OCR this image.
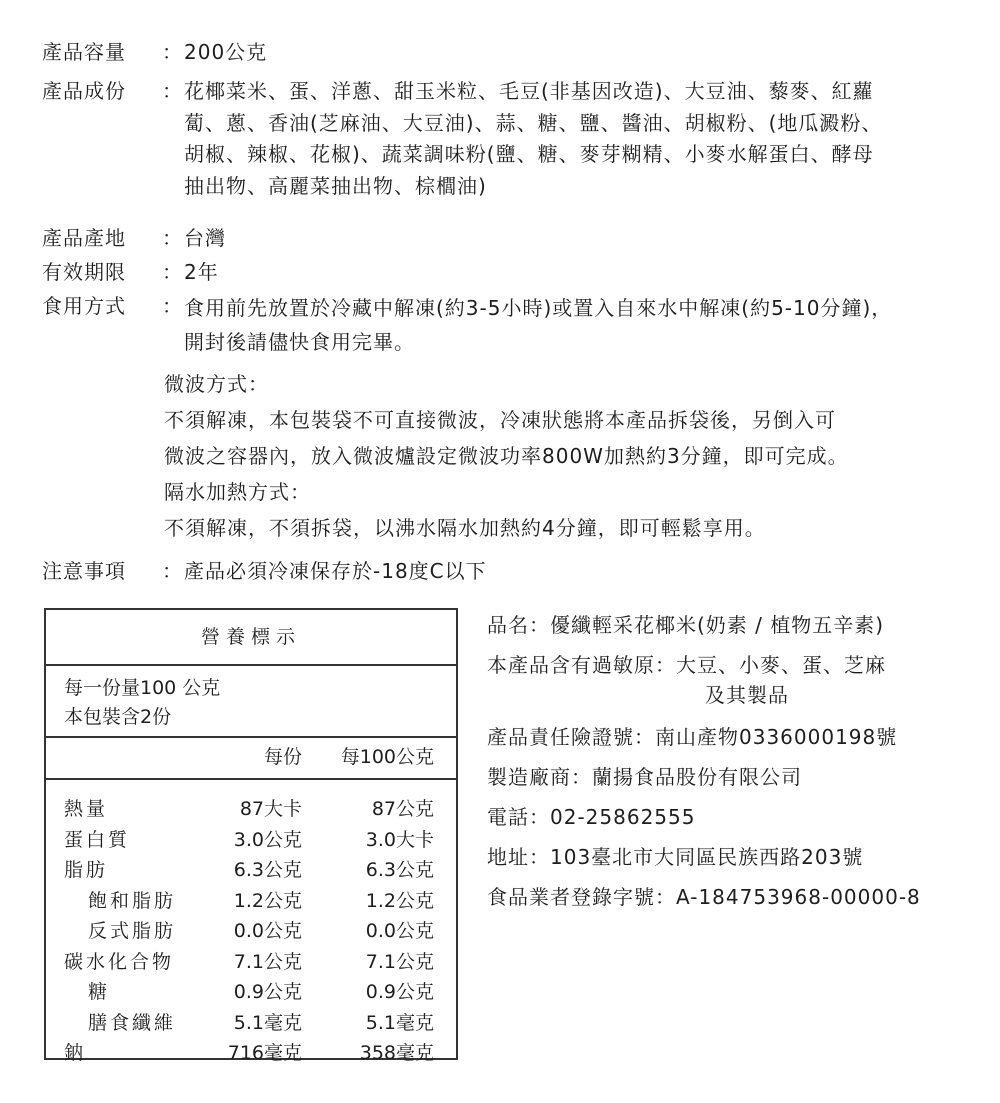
產品容量	： 200公克
產品成份	： 花椰菜米、蛋、洋蔥、甜玉米粒、毛豆(非基因改造)、大豆油、藜麥、紅蘿

蔔、蔥、香油(芝麻油、大豆油)、蒜、糖、鹽、醬油、胡椒粉、(地瓜澱粉、

胡椒、辣椒、花椒)、蔬菜調味粉(鹽、糖、麥芽糊精、小麥水解蛋白、酵母

抽出物、高麗菜抽出物、棕櫚油)

產品產地	： 台灣
有效期限	： 2年
食用方式	： 食用前先放置於冷藏中解凍(約3-5小時)或置入自來水中解凍(約5-10分鐘)，

開封後請儘快食用完畢。

微波方式：

不須解凍，本包裝袋不可直接微波，冷凍狀態將本產品拆袋後，另倒入可

微波之容器內，放入微波爐設定微波功率800W加熱約3分鐘，即可完成。

隔水加熱方式：

不須解凍，不須拆袋，以沸水隔水加熱約4分鐘，即可輕鬆享用。

注意事項	： 產品必須冷凍保存於-18度C以下
營養標示

每一份量100 公克

本包裝含2份

每份 每100公克
熱量	87大卡	87公克
蛋白質	3.0公克	3.0大卡
脂肪	6.3公克	6.3公克
飽和脂肪	1.2公克	1.2公克
反式脂肪	0.0公克	0.0公克
碳水化合物	7.1公克	7.1公克
糖	0.9公克	0.9公克
膳食纖維	5.1毫克	5.1毫克
鈉	716毫克	358毫克
品名：優纖輕采花椰米(奶素 / 植物五辛素)
本產品含有過敏原：大豆、小麥、蛋、芝麻
及其製品
產品責任險證號：南山產物0336000198號
製造廠商：蘭揚食品股份有限公司
電話：02-25862555
地址：103臺北市大同區民族西路203號
食品業者登錄字號：A-184753968-00000-8
